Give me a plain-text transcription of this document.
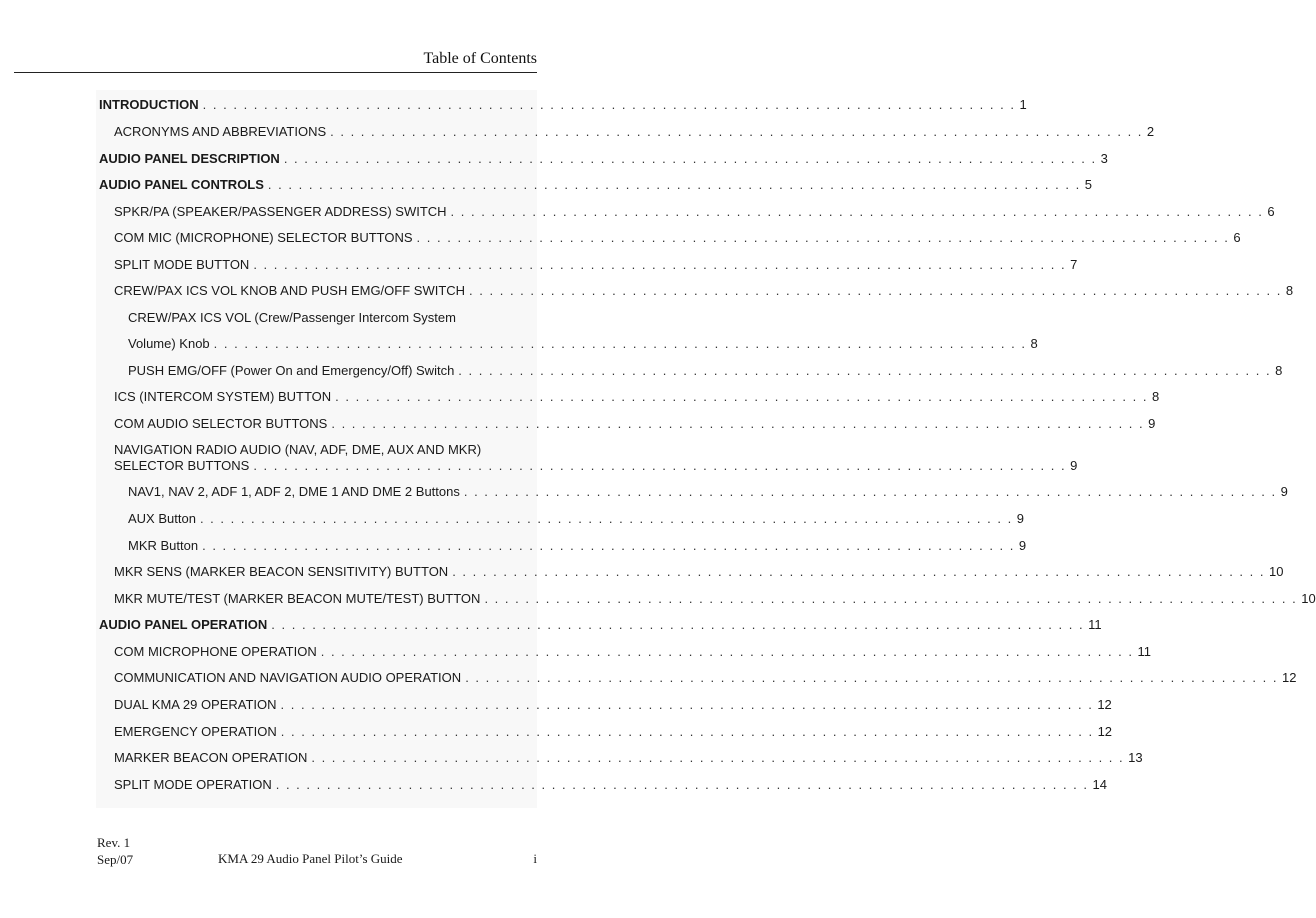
Table of Contents
INTRODUCTION . . . . . . . . . . . . . . . . . . . . . . . . . . . . . . . . . . . . . . . . . . . . . . . . . . . . . . . . . . . . . . . . . . . . . . . . . . . . . . . . 1
ACRONYMS AND ABBREVIATIONS . . . . . . . . . . . . . . . . . . . . . . . . . . . . . . . . . . . . . . . . . . . . . . . . . . . . . . . . . . . . . . . . . . . . . . . . . . . . . . . . 2
AUDIO PANEL DESCRIPTION . . . . . . . . . . . . . . . . . . . . . . . . . . . . . . . . . . . . . . . . . . . . . . . . . . . . . . . . . . . . . . . . . . . . . . . . . . . . . . . . 3
AUDIO PANEL CONTROLS . . . . . . . . . . . . . . . . . . . . . . . . . . . . . . . . . . . . . . . . . . . . . . . . . . . . . . . . . . . . . . . . . . . . . . . . . . . . . . . . 5
SPKR/PA (SPEAKER/PASSENGER ADDRESS) SWITCH . . . . . . . . . . . . . . . . . . . . . . . . . . . . . . . . . . . . . . . . . . . . . . . . . . . . . . . . . . . . . . . . . . . . . . . . . . . . . . . . 6
COM MIC (MICROPHONE) SELECTOR BUTTONS . . . . . . . . . . . . . . . . . . . . . . . . . . . . . . . . . . . . . . . . . . . . . . . . . . . . . . . . . . . . . . . . . . . . . . . . . . . . . . . . 6
SPLIT MODE BUTTON . . . . . . . . . . . . . . . . . . . . . . . . . . . . . . . . . . . . . . . . . . . . . . . . . . . . . . . . . . . . . . . . . . . . . . . . . . . . . . . . 7
CREW/PAX ICS VOL KNOB AND PUSH EMG/OFF SWITCH . . . . . . . . . . . . . . . . . . . . . . . . . . . . . . . . . . . . . . . . . . . . . . . . . . . . . . . . . . . . . . . . . . . . . . . . . . . . . . . . 8
CREW/PAX ICS VOL (Crew/Passenger Intercom System
Volume) Knob . . . . . . . . . . . . . . . . . . . . . . . . . . . . . . . . . . . . . . . . . . . . . . . . . . . . . . . . . . . . . . . . . . . . . . . . . . . . . . . . 8
PUSH EMG/OFF (Power On and Emergency/Off) Switch . . . . . . . . . . . . . . . . . . . . . . . . . . . . . . . . . . . . . . . . . . . . . . . . . . . . . . . . . . . . . . . . . . . . . . . . . . . . . . . . 8
ICS (INTERCOM SYSTEM) BUTTON . . . . . . . . . . . . . . . . . . . . . . . . . . . . . . . . . . . . . . . . . . . . . . . . . . . . . . . . . . . . . . . . . . . . . . . . . . . . . . . . 8
COM AUDIO SELECTOR BUTTONS . . . . . . . . . . . . . . . . . . . . . . . . . . . . . . . . . . . . . . . . . . . . . . . . . . . . . . . . . . . . . . . . . . . . . . . . . . . . . . . . 9
NAVIGATION RADIO AUDIO (NAV, ADF, DME, AUX AND MKR)
SELECTOR BUTTONS . . . . . . . . . . . . . . . . . . . . . . . . . . . . . . . . . . . . . . . . . . . . . . . . . . . . . . . . . . . . . . . . . . . . . . . . . . . . . . . . 9
NAV1, NAV 2, ADF 1, ADF 2, DME 1 AND DME 2 Buttons . . . . . . . . . . . . . . . . . . . . . . . . . . . . . . . . . . . . . . . . . . . . . . . . . . . . . . . . . . . . . . . . . . . . . . . . . . . . . . . . 9
AUX Button . . . . . . . . . . . . . . . . . . . . . . . . . . . . . . . . . . . . . . . . . . . . . . . . . . . . . . . . . . . . . . . . . . . . . . . . . . . . . . . . 9
MKR Button . . . . . . . . . . . . . . . . . . . . . . . . . . . . . . . . . . . . . . . . . . . . . . . . . . . . . . . . . . . . . . . . . . . . . . . . . . . . . . . . 9
MKR SENS (MARKER BEACON SENSITIVITY) BUTTON . . . . . . . . . . . . . . . . . . . . . . . . . . . . . . . . . . . . . . . . . . . . . . . . . . . . . . . . . . . . . . . . . . . . . . . . . . . . . . . . 10
MKR MUTE/TEST (MARKER BEACON MUTE/TEST) BUTTON . . . . . . . . . . . . . . . . . . . . . . . . . . . . . . . . . . . . . . . . . . . . . . . . . . . . . . . . . . . . . . . . . . . . . . . . . . . . . . . . 10
AUDIO PANEL OPERATION . . . . . . . . . . . . . . . . . . . . . . . . . . . . . . . . . . . . . . . . . . . . . . . . . . . . . . . . . . . . . . . . . . . . . . . . . . . . . . . . 11
COM MICROPHONE OPERATION . . . . . . . . . . . . . . . . . . . . . . . . . . . . . . . . . . . . . . . . . . . . . . . . . . . . . . . . . . . . . . . . . . . . . . . . . . . . . . . . 11
COMMUNICATION AND NAVIGATION AUDIO OPERATION . . . . . . . . . . . . . . . . . . . . . . . . . . . . . . . . . . . . . . . . . . . . . . . . . . . . . . . . . . . . . . . . . . . . . . . . . . . . . . . . 12
DUAL KMA 29 OPERATION . . . . . . . . . . . . . . . . . . . . . . . . . . . . . . . . . . . . . . . . . . . . . . . . . . . . . . . . . . . . . . . . . . . . . . . . . . . . . . . . 12
EMERGENCY OPERATION . . . . . . . . . . . . . . . . . . . . . . . . . . . . . . . . . . . . . . . . . . . . . . . . . . . . . . . . . . . . . . . . . . . . . . . . . . . . . . . . 12
MARKER BEACON OPERATION . . . . . . . . . . . . . . . . . . . . . . . . . . . . . . . . . . . . . . . . . . . . . . . . . . . . . . . . . . . . . . . . . . . . . . . . . . . . . . . . 13
SPLIT MODE OPERATION . . . . . . . . . . . . . . . . . . . . . . . . . . . . . . . . . . . . . . . . . . . . . . . . . . . . . . . . . . . . . . . . . . . . . . . . . . . . . . . . 14
Rev. 1
Sep/07	KMA 29 Audio Panel Pilot’s Guide	i
